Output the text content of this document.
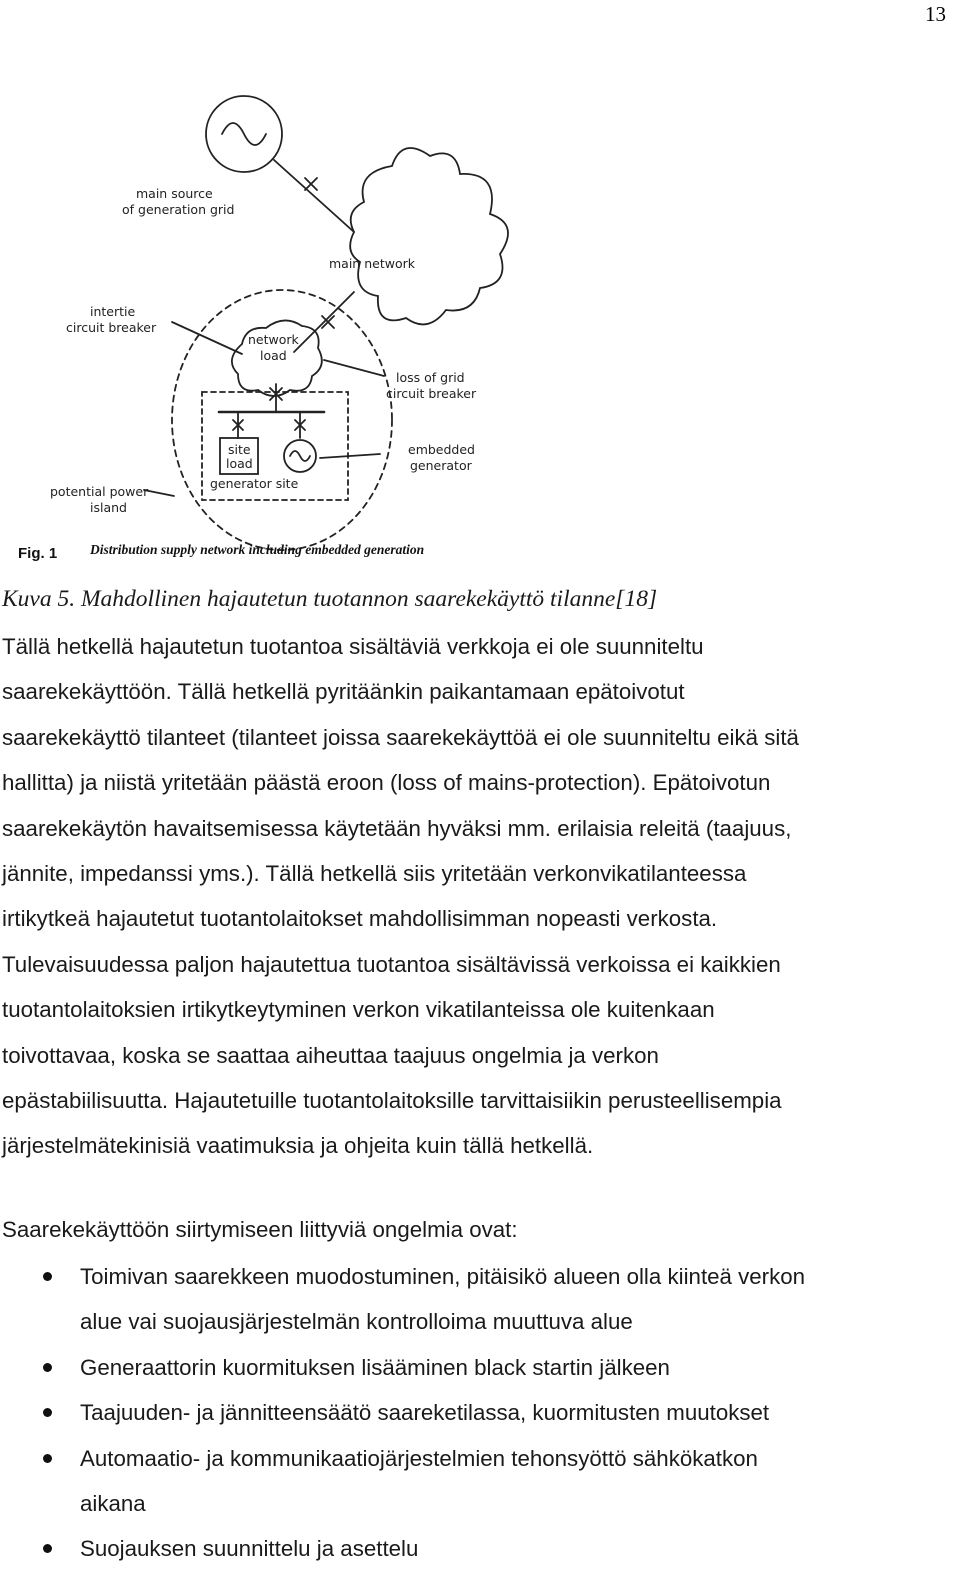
13
main source
of generation grid
main network
intertie
circuit breaker
network
load
loss of grid
circuit breaker
site
load
embedded
generator
generator site
potential power
island
Fig. 1 Distribution supply network including embedded generation
Kuva 5. Mahdollinen hajautetun tuotannon saarekekäyttö tilanne[18]
Tällä hetkellä hajautetun tuotantoa sisältäviä verkkoja ei ole suunniteltu
saarekekäyttöön. Tällä hetkellä pyritäänkin paikantamaan epätoivotut
saarekekäyttö tilanteet (tilanteet joissa saarekekäyttöä ei ole suunniteltu eikä sitä
hallitta) ja niistä yritetään päästä eroon (loss of mains-protection). Epätoivotun
saarekekäytön havaitsemisessa käytetään hyväksi mm. erilaisia releitä (taajuus,
jännite, impedanssi yms.). Tällä hetkellä siis yritetään verkonvikatilanteessa
irtikytkeä hajautetut tuotantolaitokset mahdollisimman nopeasti verkosta.
Tulevaisuudessa paljon hajautettua tuotantoa sisältävissä verkoissa ei kaikkien
tuotantolaitoksien irtikytkeytyminen verkon vikatilanteissa ole kuitenkaan
toivottavaa, koska se saattaa aiheuttaa taajuus ongelmia ja verkon
epästabiilisuutta. Hajautetuille tuotantolaitoksille tarvittaisiikin perusteellisempia
järjestelmätekinisiä vaatimuksia ja ohjeita kuin tällä hetkellä.
Saarekekäyttöön siirtymiseen liittyviä ongelmia ovat:
Toimivan saarekkeen muodostuminen, pitäisikö alueen olla kiinteä verkon
alue vai suojausjärjestelmän kontrolloima muuttuva alue
Generaattorin kuormituksen lisääminen black startin jälkeen
Taajuuden- ja jännitteensäätö saareketilassa, kuormitusten muutokset
Automaatio- ja kommunikaatiojärjestelmien tehonsyöttö sähkökatkon
aikana
Suojauksen suunnittelu ja asettelu
